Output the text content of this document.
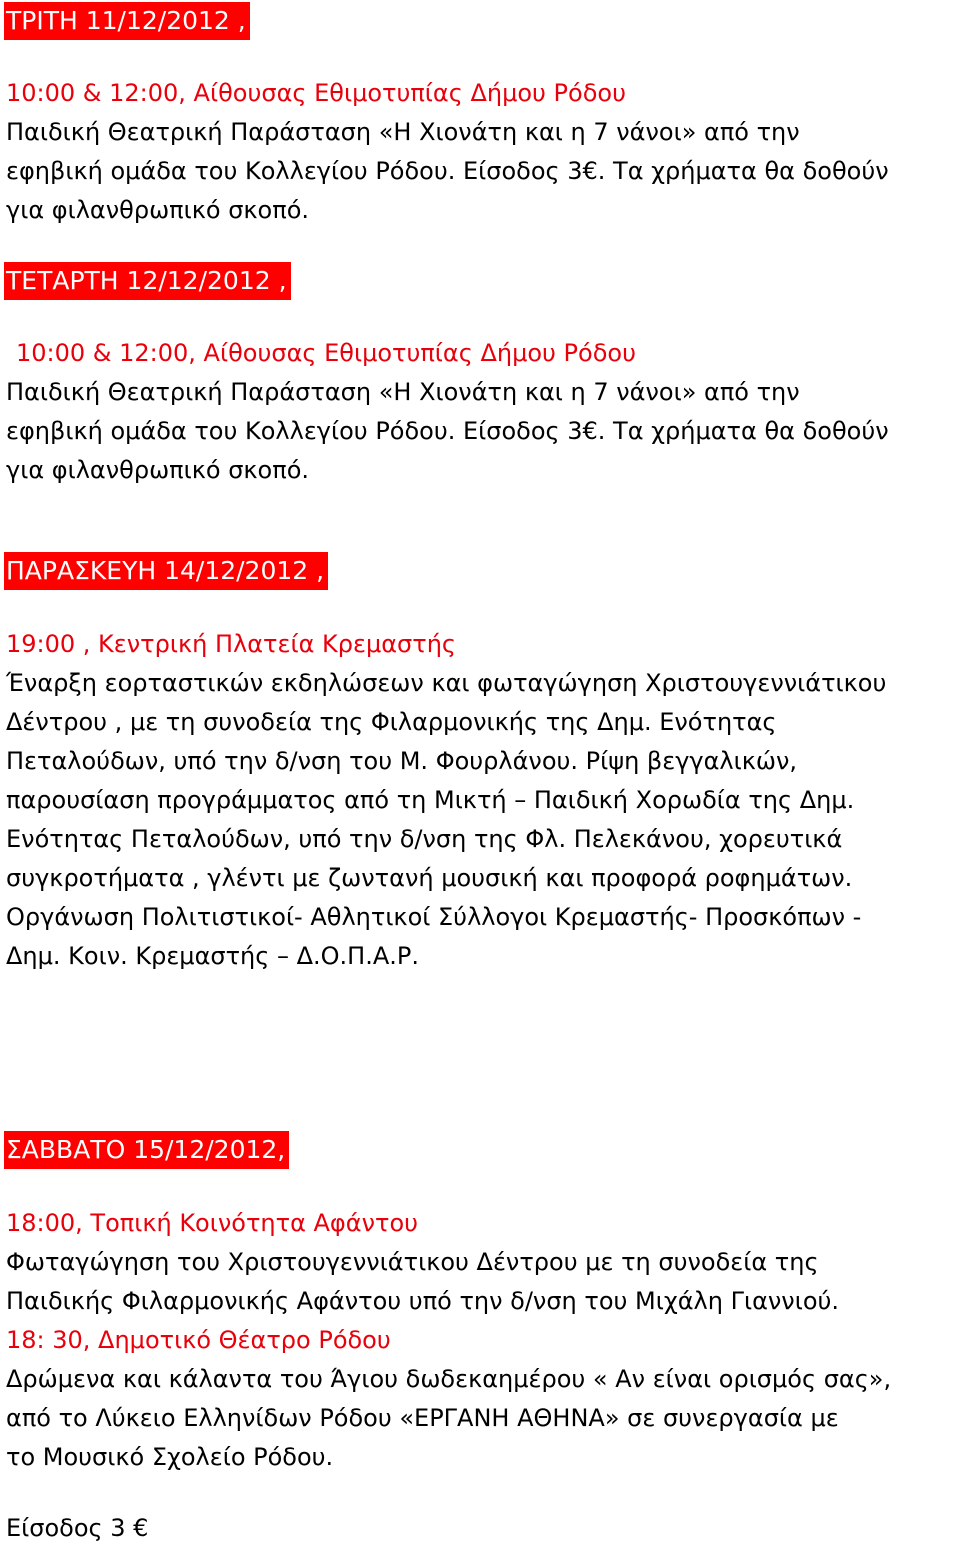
ΤΡΙΤΗ 11/12/2012 ,
10:00 & 12:00, Αίθουσας Εθιμοτυπίας Δήμου Ρόδου
Παιδική Θεατρική Παράσταση «Η Χιονάτη και η 7 νάνοι» από την
εφηβική ομάδα του Κολλεγίου Ρόδου. Είσοδος 3€. Τα χρήματα θα δοθούν
για φιλανθρωπικό σκοπό.
ΤΕΤΑΡΤΗ 12/12/2012 ,
10:00 & 12:00, Αίθουσας Εθιμοτυπίας Δήμου Ρόδου
Παιδική Θεατρική Παράσταση «Η Χιονάτη και η 7 νάνοι» από την
εφηβική ομάδα του Κολλεγίου Ρόδου. Είσοδος 3€. Τα χρήματα θα δοθούν
για φιλανθρωπικό σκοπό.
ΠΑΡΑΣΚΕΥΗ 14/12/2012 ,
19:00 , Κεντρική Πλατεία Κρεμαστής
Έναρξη εορταστικών εκδηλώσεων και φωταγώγηση Χριστουγεννιάτικου
Δέντρου , με τη συνοδεία της Φιλαρμονικής της Δημ. Ενότητας
Πεταλούδων, υπό την δ/νση του Μ. Φουρλάνου. Ρίψη βεγγαλικών,
παρουσίαση προγράμματος από τη Μικτή – Παιδική Χορωδία της Δημ.
Ενότητας Πεταλούδων, υπό την δ/νση της Φλ. Πελεκάνου, χορευτικά
συγκροτήματα , γλέντι με ζωντανή μουσική και προφορά ροφημάτων.
Οργάνωση Πολιτιστικοί- Αθλητικοί Σύλλογοι Κρεμαστής- Προσκόπων -
Δημ. Κοιν. Κρεμαστής – Δ.Ο.Π.Α.Ρ.
ΣΑΒΒΑΤΟ 15/12/2012,
18:00, Τοπική Κοινότητα Αφάντου
Φωταγώγηση του Χριστουγεννιάτικου Δέντρου με τη συνοδεία της
Παιδικής Φιλαρμονικής Αφάντου υπό την δ/νση του Μιχάλη Γιαννιού.
18: 30, Δημοτικό Θέατρο Ρόδου
Δρώμενα και κάλαντα του Άγιου δωδεκαημέρου « Αν είναι ορισμός σας»,
από το Λύκειο Ελληνίδων Ρόδου «ΕΡΓΑΝΗ ΑΘΗΝΑ» σε συνεργασία με
το Μουσικό Σχολείο Ρόδου.
Είσοδος 3 €
